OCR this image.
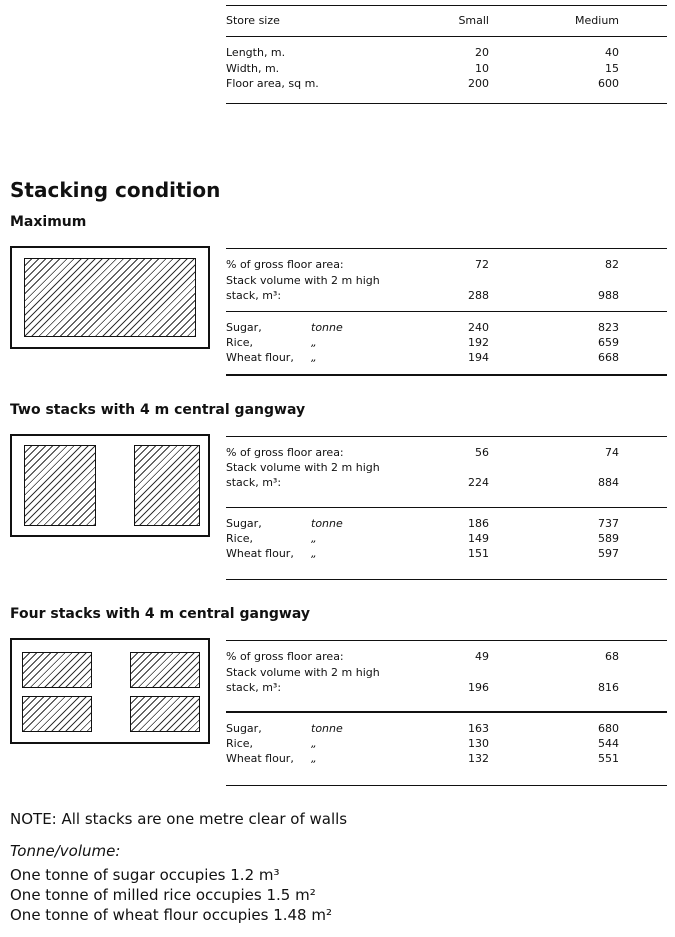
Store size	Small	Medium
Length, m.	20	40
Width, m.	10	15
Floor area, sq m.	200	600
Stacking condition
Maximum
% of gross floor area:	72	82
Stack volume with 2 m high
stack, m³:	288	988
Sugar,	tonne	240	823
Rice,	„	192	659
Wheat flour, „	194	668
Two stacks with 4 m central gangway
% of gross floor area:	56	74
Stack volume with 2 m high
stack, m³:	224	884
Sugar,	tonne	186	737
Rice,	„	149	589
Wheat flour, „	151	597
Four stacks with 4 m central gangway
% of gross floor area:	49	68
Stack volume with 2 m high
stack, m³:	196	816
Sugar,	tonne	163	680
Rice,	„	130	544
Wheat flour, „	132	551
NOTE: All stacks are one metre clear of walls
Tonne/volume:
One tonne of sugar occupies 1.2 m³
One tonne of milled rice occupies 1.5 m²
One tonne of wheat flour occupies 1.48 m²
